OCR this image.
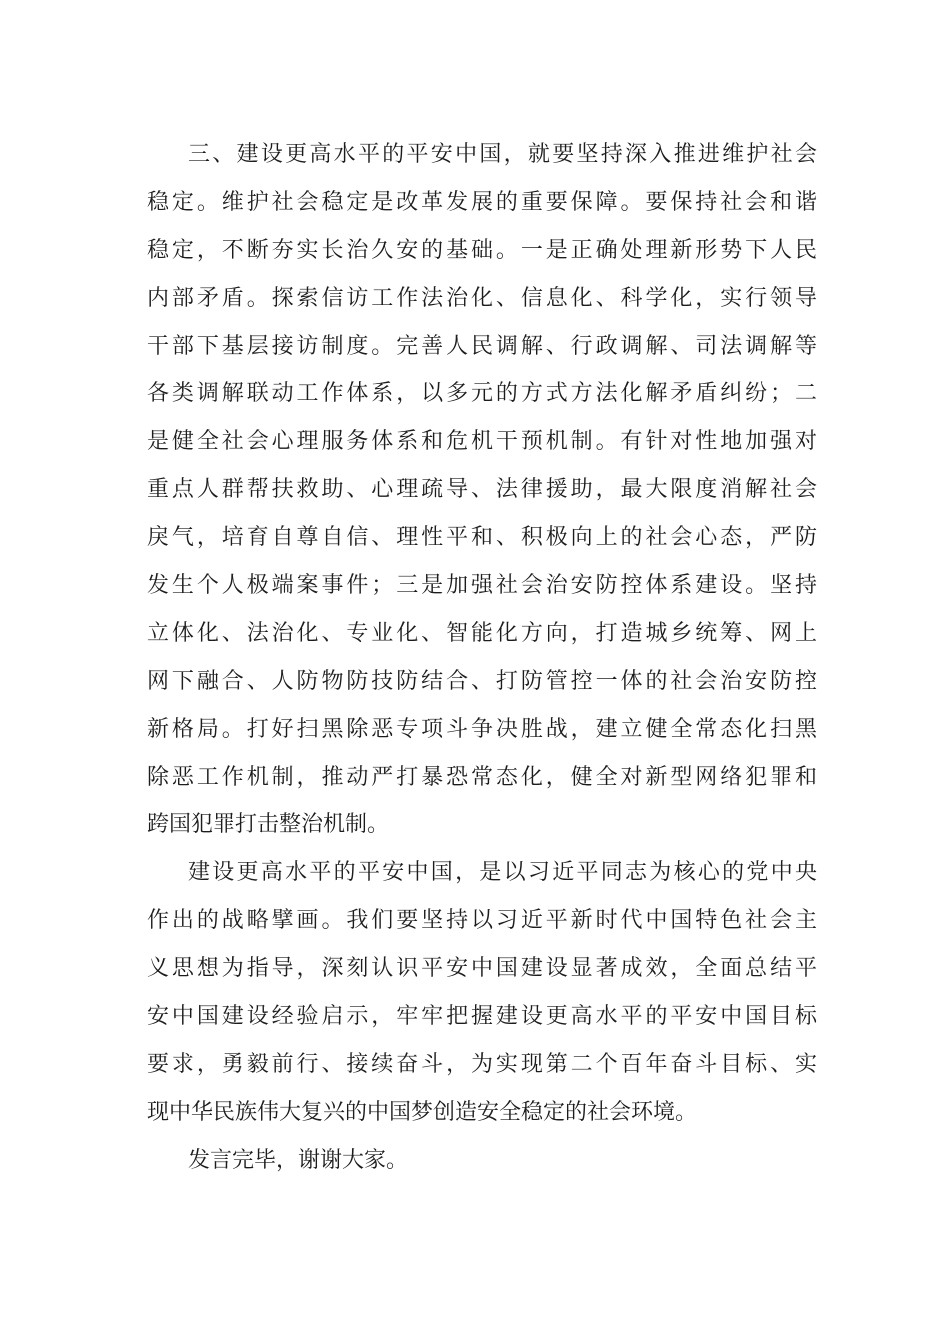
三、建设更高水平的平安中国，就要坚持深入推进维护社会
稳定。维护社会稳定是改革发展的重要保障。要保持社会和谐
稳定，不断夯实长治久安的基础。一是正确处理新形势下人民
内部矛盾。探索信访工作法治化、信息化、科学化，实行领导
干部下基层接访制度。完善人民调解、行政调解、司法调解等
各类调解联动工作体系，以多元的方式方法化解矛盾纠纷；二
是健全社会心理服务体系和危机干预机制。有针对性地加强对
重点人群帮扶救助、心理疏导、法律援助，最大限度消解社会
戾气，培育自尊自信、理性平和、积极向上的社会心态，严防
发生个人极端案事件；三是加强社会治安防控体系建设。坚持
立体化、法治化、专业化、智能化方向，打造城乡统筹、网上
网下融合、人防物防技防结合、打防管控一体的社会治安防控
新格局。打好扫黑除恶专项斗争决胜战，建立健全常态化扫黑
除恶工作机制，推动严打暴恐常态化，健全对新型网络犯罪和
跨国犯罪打击整治机制。
建设更高水平的平安中国，是以习近平同志为核心的党中央
作出的战略擘画。我们要坚持以习近平新时代中国特色社会主
义思想为指导，深刻认识平安中国建设显著成效，全面总结平
安中国建设经验启示，牢牢把握建设更高水平的平安中国目标
要求，勇毅前行、接续奋斗，为实现第二个百年奋斗目标、实
现中华民族伟大复兴的中国梦创造安全稳定的社会环境。
发言完毕，谢谢大家。
